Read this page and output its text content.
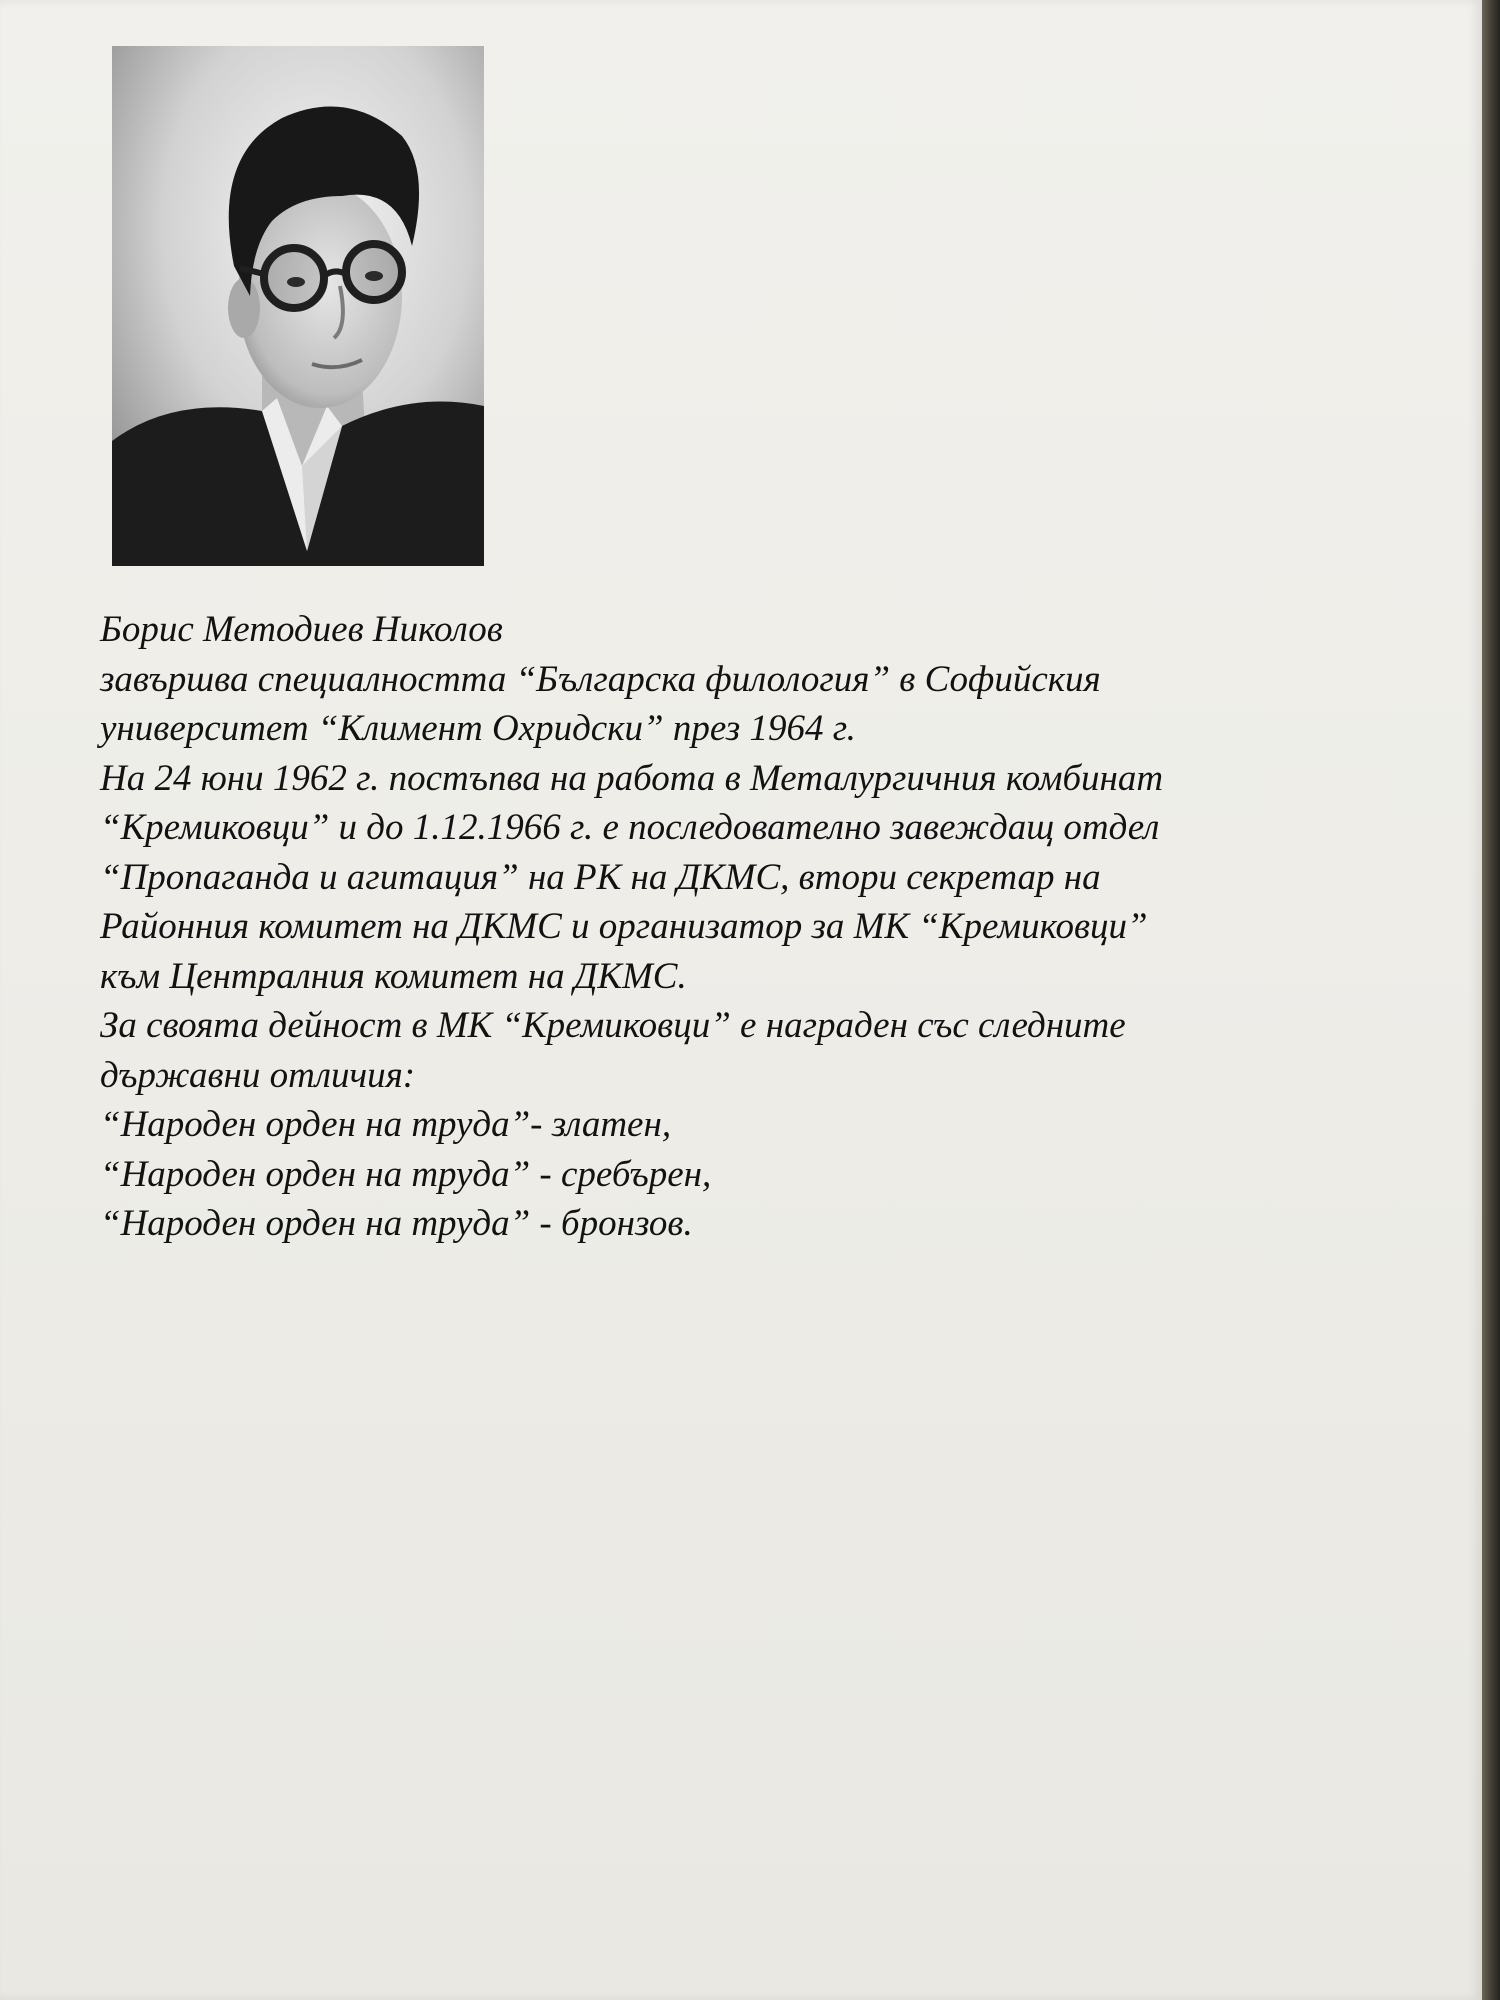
Борис Методиев Николов
завършва специалността “Българска филология” в Софийския
университет “Климент Охридски” през 1964 г.
На 24 юни 1962 г. постъпва на работа в Металургичния комбинат
“Кремиковци” и до 1.12.1966 г. е последователно завеждащ отдел
“Пропаганда и агитация” на РК на ДКМС, втори секретар на
Районния комитет на ДКМС и организатор за МК “Кремиковци”
към Централния комитет на ДКМС.
За своята дейност в МК “Кремиковци” е награден със следните
държавни отличия:
“Народен орден на труда”- златен,
“Народен орден на труда” - сребърен,
“Народен орден на труда” - бронзов.
